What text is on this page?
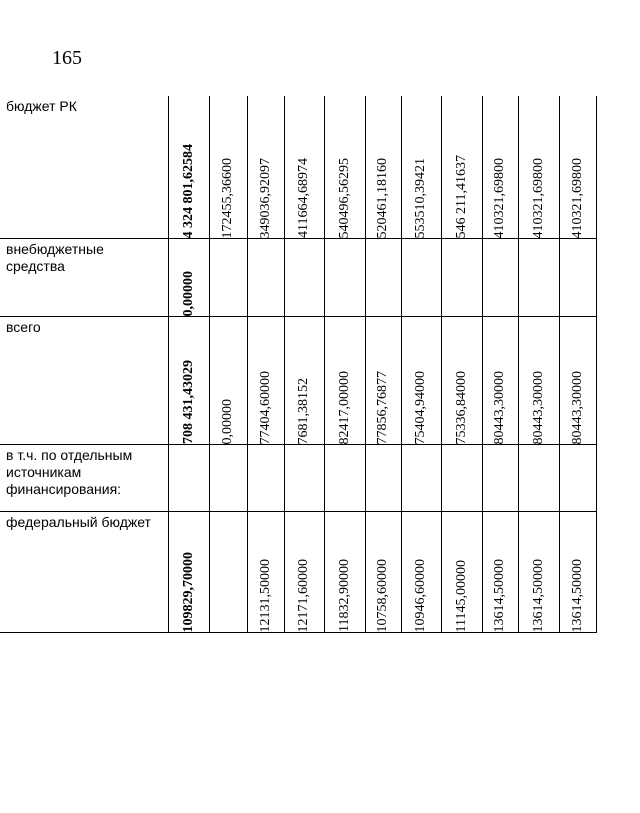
165
бюджет РК	4 324 801,62584	172455,36600	349036,92097	411664,68974	540496,56295	520461,18160	553510,39421	546 211,41637	410321,69800	410321,69800	410321,69800

внебюджетные средства	0,00000										

всего	708 431,43029	0,00000	77404,60000	7681,38152	82417,00000	77856,76877	75404,94000	75336,84000	80443,30000	80443,30000	80443,30000

в т.ч. по отдельным источникам финансирования:											

федеральный бюджет	109829,70000		12131,50000	12171,60000	11832,90000	10758,60000	10946,60000	11145,00000	13614,50000	13614,50000	13614,50000
